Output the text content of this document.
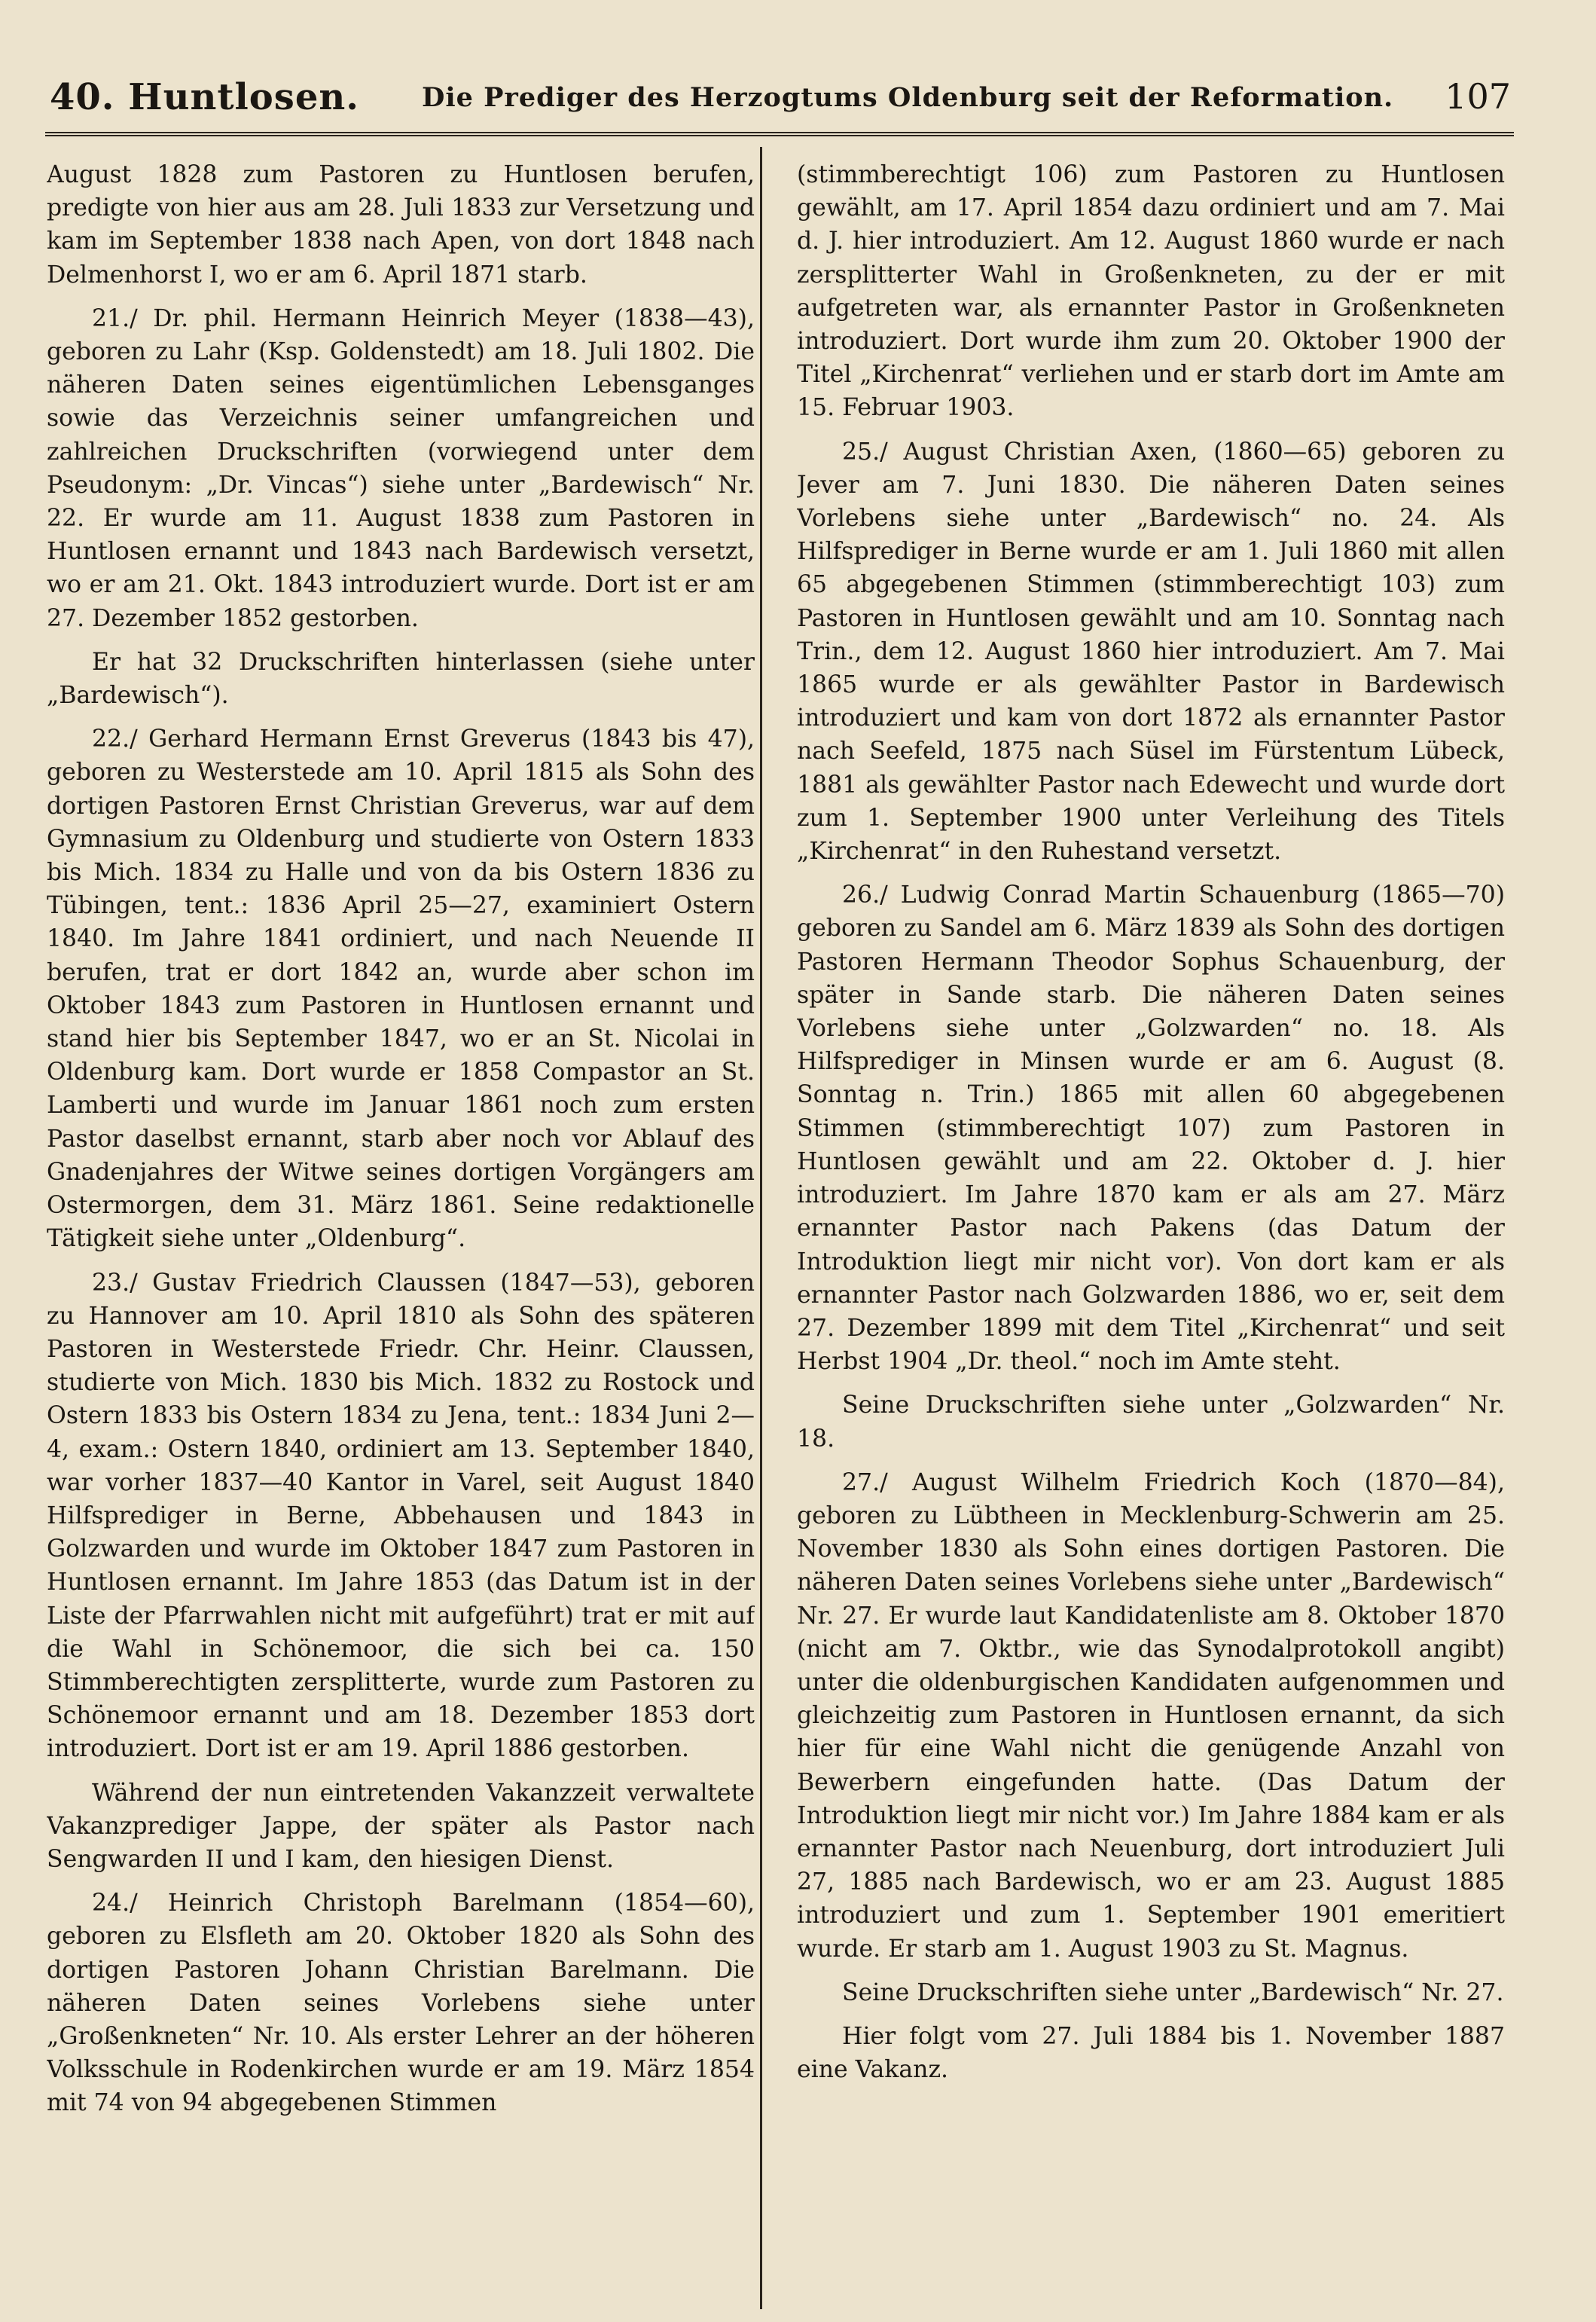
40. Huntlosen. Die Prediger des Herzogtums Oldenburg seit der Reformation. 107

August 1828 zum Pastoren zu Huntlosen berufen, predigte von hier aus am 28. Juli 1833 zur Versetzung und kam im September 1838 nach Apen, von dort 1848 nach Delmenhorst I, wo er am 6. April 1871 starb.

21./ Dr. phil. Hermann Heinrich Meyer (1838—43), geboren zu Lahr (Ksp. Goldenstedt) am 18. Juli 1802. Die näheren Daten seines eigentümlichen Lebensganges sowie das Verzeichnis seiner umfangreichen und zahlreichen Druckschriften (vorwiegend unter dem Pseudonym: „Dr. Vincas“) siehe unter „Bardewisch“ Nr. 22. Er wurde am 11. August 1838 zum Pastoren in Huntlosen ernannt und 1843 nach Bardewisch versetzt, wo er am 21. Okt. 1843 introduziert wurde. Dort ist er am 27. Dezember 1852 gestorben.

Er hat 32 Druckschriften hinterlassen (siehe unter „Bardewisch“).

22./ Gerhard Hermann Ernst Greverus (1843 bis 47), geboren zu Westerstede am 10. April 1815 als Sohn des dortigen Pastoren Ernst Christian Greverus, war auf dem Gymnasium zu Oldenburg und studierte von Ostern 1833 bis Mich. 1834 zu Halle und von da bis Ostern 1836 zu Tübingen, tent.: 1836 April 25—27, examiniert Ostern 1840. Im Jahre 1841 ordiniert, und nach Neuende II berufen, trat er dort 1842 an, wurde aber schon im Oktober 1843 zum Pastoren in Huntlosen ernannt und stand hier bis September 1847, wo er an St. Nicolai in Oldenburg kam. Dort wurde er 1858 Compastor an St. Lamberti und wurde im Januar 1861 noch zum ersten Pastor daselbst ernannt, starb aber noch vor Ablauf des Gnadenjahres der Witwe seines dortigen Vorgängers am Ostermorgen, dem 31. März 1861. Seine redaktionelle Tätigkeit siehe unter „Oldenburg“.

23./ Gustav Friedrich Claussen (1847—53), geboren zu Hannover am 10. April 1810 als Sohn des späteren Pastoren in Westerstede Friedr. Chr. Heinr. Claussen, studierte von Mich. 1830 bis Mich. 1832 zu Rostock und Ostern 1833 bis Ostern 1834 zu Jena, tent.: 1834 Juni 2—4, exam.: Ostern 1840, ordiniert am 13. September 1840, war vorher 1837—40 Kantor in Varel, seit August 1840 Hilfsprediger in Berne, Abbehausen und 1843 in Golzwarden und wurde im Oktober 1847 zum Pastoren in Huntlosen ernannt. Im Jahre 1853 (das Datum ist in der Liste der Pfarrwahlen nicht mit aufgeführt) trat er mit auf die Wahl in Schönemoor, die sich bei ca. 150 Stimmberechtigten zersplitterte, wurde zum Pastoren zu Schönemoor ernannt und am 18. Dezember 1853 dort introduziert. Dort ist er am 19. April 1886 gestorben.

Während der nun eintretenden Vakanzzeit verwaltete Vakanzprediger Jappe, der später als Pastor nach Sengwarden II und I kam, den hiesigen Dienst.

24./ Heinrich Christoph Barelmann (1854—60), geboren zu Elsfleth am 20. Oktober 1820 als Sohn des dortigen Pastoren Johann Christian Barelmann. Die näheren Daten seines Vorlebens siehe unter „Großenkneten“ Nr. 10. Als erster Lehrer an der höheren Volksschule in Rodenkirchen wurde er am 19. März 1854 mit 74 von 94 abgegebenen Stimmen

(stimmberechtigt 106) zum Pastoren zu Huntlosen gewählt, am 17. April 1854 dazu ordiniert und am 7. Mai d. J. hier introduziert. Am 12. August 1860 wurde er nach zersplitterter Wahl in Großenkneten, zu der er mit aufgetreten war, als ernannter Pastor in Großenkneten introduziert. Dort wurde ihm zum 20. Oktober 1900 der Titel „Kirchenrat“ verliehen und er starb dort im Amte am 15. Februar 1903.

25./ August Christian Axen, (1860—65) geboren zu Jever am 7. Juni 1830. Die näheren Daten seines Vorlebens siehe unter „Bardewisch“ no. 24. Als Hilfsprediger in Berne wurde er am 1. Juli 1860 mit allen 65 abgegebenen Stimmen (stimmberechtigt 103) zum Pastoren in Huntlosen gewählt und am 10. Sonntag nach Trin., dem 12. August 1860 hier introduziert. Am 7. Mai 1865 wurde er als gewählter Pastor in Bardewisch introduziert und kam von dort 1872 als ernannter Pastor nach Seefeld, 1875 nach Süsel im Fürstentum Lübeck, 1881 als gewählter Pastor nach Edewecht und wurde dort zum 1. September 1900 unter Verleihung des Titels „Kirchenrat“ in den Ruhestand versetzt.

26./ Ludwig Conrad Martin Schauenburg (1865—70) geboren zu Sandel am 6. März 1839 als Sohn des dortigen Pastoren Hermann Theodor Sophus Schauenburg, der später in Sande starb. Die näheren Daten seines Vorlebens siehe unter „Golzwarden“ no. 18. Als Hilfsprediger in Minsen wurde er am 6. August (8. Sonntag n. Trin.) 1865 mit allen 60 abgegebenen Stimmen (stimmberechtigt 107) zum Pastoren in Huntlosen gewählt und am 22. Oktober d. J. hier introduziert. Im Jahre 1870 kam er als am 27. März ernannter Pastor nach Pakens (das Datum der Introduktion liegt mir nicht vor). Von dort kam er als ernannter Pastor nach Golzwarden 1886, wo er, seit dem 27. Dezember 1899 mit dem Titel „Kirchenrat“ und seit Herbst 1904 „Dr. theol.“ noch im Amte steht.

Seine Druckschriften siehe unter „Golzwarden“ Nr. 18.

27./ August Wilhelm Friedrich Koch (1870—84), geboren zu Lübtheen in Mecklenburg-Schwerin am 25. November 1830 als Sohn eines dortigen Pastoren. Die näheren Daten seines Vorlebens siehe unter „Bardewisch“ Nr. 27. Er wurde laut Kandidatenliste am 8. Oktober 1870 (nicht am 7. Oktbr., wie das Synodalprotokoll angibt) unter die oldenburgischen Kandidaten aufgenommen und gleichzeitig zum Pastoren in Huntlosen ernannt, da sich hier für eine Wahl nicht die genügende Anzahl von Bewerbern eingefunden hatte. (Das Datum der Introduktion liegt mir nicht vor.) Im Jahre 1884 kam er als ernannter Pastor nach Neuenburg, dort introduziert Juli 27, 1885 nach Bardewisch, wo er am 23. August 1885 introduziert und zum 1. September 1901 emeritiert wurde. Er starb am 1. August 1903 zu St. Magnus.

Seine Druckschriften siehe unter „Bardewisch“ Nr. 27.

Hier folgt vom 27. Juli 1884 bis 1. November 1887 eine Vakanz.
